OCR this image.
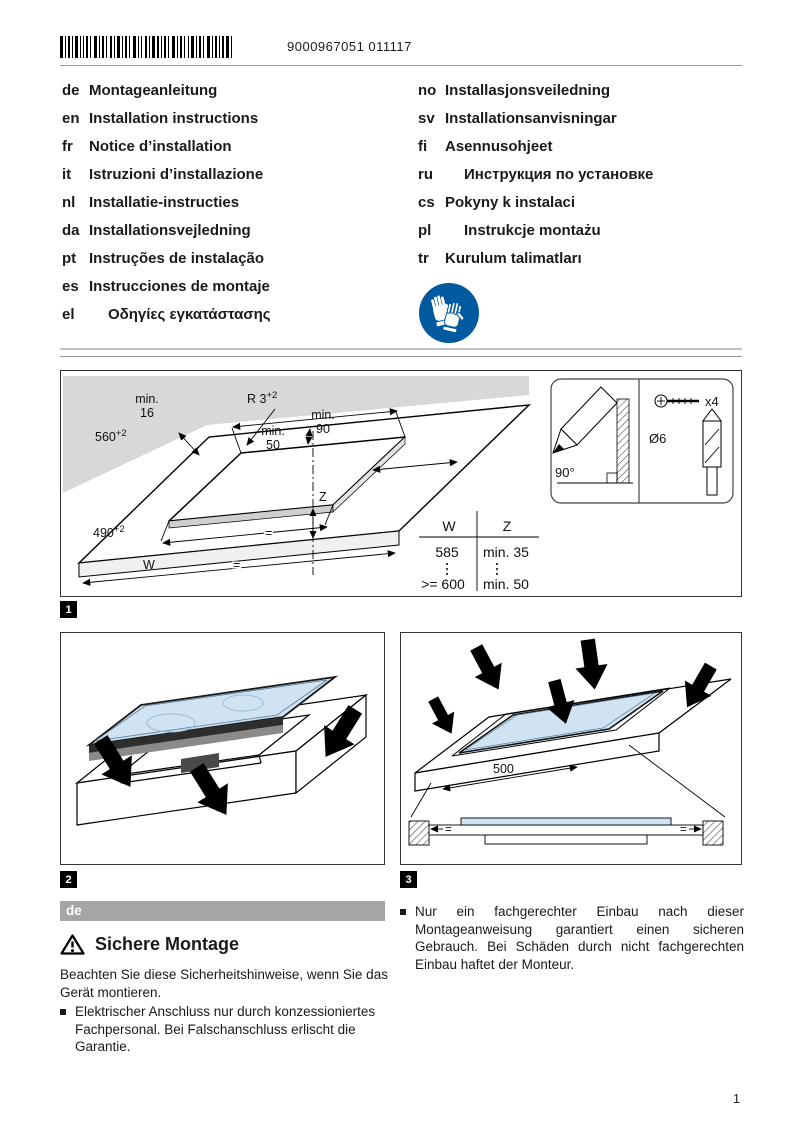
9000967051 011117
de Montageanleitung
en Installation instructions
fr	Notice d’installation
it	Istruzioni d’installazione
nl Installatie-instructies
da Installationsvejledning
pt Instruções de instalação
es Instrucciones de montaje
el	Οδηγίες εγκατάστασης
no Installasjonsveiledning
sv Installationsanvisningar
fi	Asennusohjeet
ru	Инструкция по установке
cs Pokyny k instalaci
pl	Instrukcje montażu
tr	Kurulum talimatları
min.
16
$560^{+2}$
R $3^{+2}$
min.
90
min.
50
Z
$490^{+2}$
W
=
=
W	Z
585 min. 35
>= 600 min. 50
90°
x4
Ø6
1
2
500
=	=
3
de
Sichere Montage
Beachten Sie diese Sicherheitshinweise, wenn Sie das Gerät montieren.
Elektrischer Anschluss nur durch konzessioniertes Fachpersonal. Bei Falschanschluss erlischt die Garantie.
Nur ein fachgerechter Einbau nach dieser Montageanweisung garantiert einen sicheren Gebrauch. Bei Schäden durch nicht fachgerechten Einbau haftet der Monteur.
1
